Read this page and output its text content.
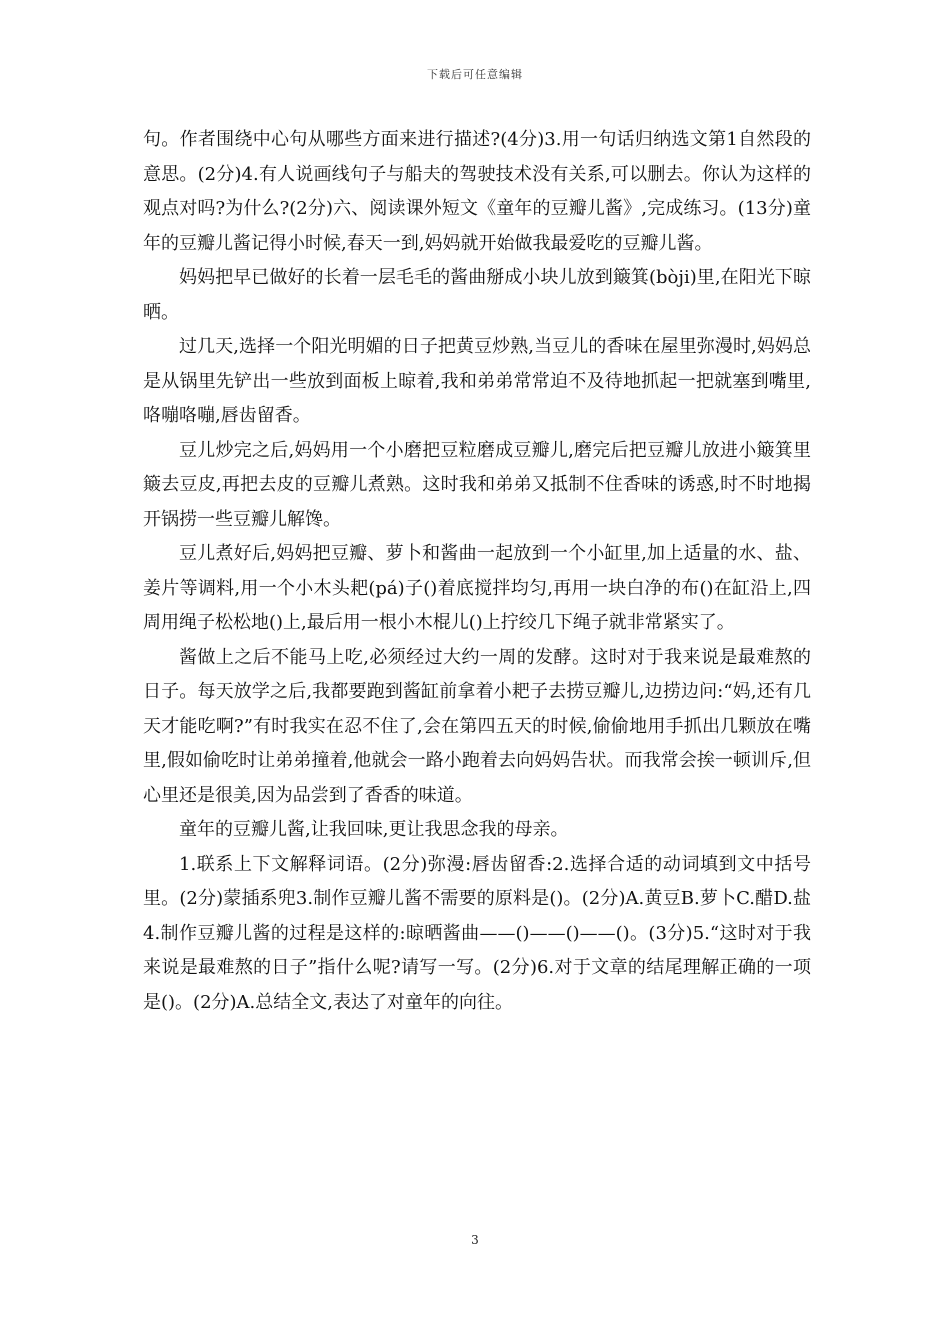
下载后可任意编辑

句。作者围绕中心句从哪些方面来进行描述?(4分)3.用一句话归纳选文第1自然段的意思。(2分)4.有人说画线句子与船夫的驾驶技术没有关系,可以删去。你认为这样的观点对吗?为什么?(2分)六、阅读课外短文《童年的豆瓣儿酱》,完成练习。(13分)童年的豆瓣儿酱记得小时候,春天一到,妈妈就开始做我最爱吃的豆瓣儿酱。

妈妈把早已做好的长着一层毛毛的酱曲掰成小块儿放到簸箕(bòji)里,在阳光下晾晒。

过几天,选择一个阳光明媚的日子把黄豆炒熟,当豆儿的香味在屋里弥漫时,妈妈总是从锅里先铲出一些放到面板上晾着,我和弟弟常常迫不及待地抓起一把就塞到嘴里,咯嘣咯嘣,唇齿留香。

豆儿炒完之后,妈妈用一个小磨把豆粒磨成豆瓣儿,磨完后把豆瓣儿放进小簸箕里簸去豆皮,再把去皮的豆瓣儿煮熟。这时我和弟弟又抵制不住香味的诱惑,时不时地揭开锅捞一些豆瓣儿解馋。

豆儿煮好后,妈妈把豆瓣、萝卜和酱曲一起放到一个小缸里,加上适量的水、盐、姜片等调料,用一个小木头耙(pá)子()着底搅拌均匀,再用一块白净的布()在缸沿上,四周用绳子松松地()上,最后用一根小木棍儿()上拧绞几下绳子就非常紧实了。

酱做上之后不能马上吃,必须经过大约一周的发酵。这时对于我来说是最难熬的日子。每天放学之后,我都要跑到酱缸前拿着小耙子去捞豆瓣儿,边捞边问:“妈,还有几天才能吃啊?”有时我实在忍不住了,会在第四五天的时候,偷偷地用手抓出几颗放在嘴里,假如偷吃时让弟弟撞着,他就会一路小跑着去向妈妈告状。而我常会挨一顿训斥,但心里还是很美,因为品尝到了香香的味道。

童年的豆瓣儿酱,让我回味,更让我思念我的母亲。

1.联系上下文解释词语。(2分)弥漫:唇齿留香:2.选择合适的动词填到文中括号里。(2分)蒙插系兜3.制作豆瓣儿酱不需要的原料是()。(2分)A.黄豆B.萝卜C.醋D.盐4.制作豆瓣儿酱的过程是这样的:晾晒酱曲——()——()——()。(3分)5.“这时对于我来说是最难熬的日子”指什么呢?请写一写。(2分)6.对于文章的结尾理解正确的一项是()。(2分)A.总结全文,表达了对童年的向往。

3
